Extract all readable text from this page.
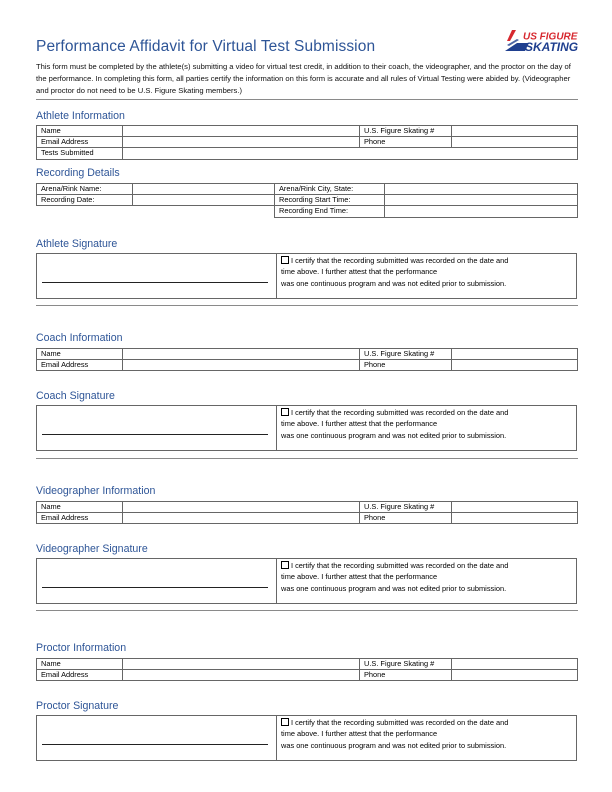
Performance Affidavit for Virtual Test Submission
US FIGURE
SKATING
This form must be completed by the athlete(s) submitting a video for virtual test credit, in addition to their coach, the videographer, and the proctor on the day of the performance. In completing this form, all parties certify the information on this form is accurate and all rules of Virtual Testing were abided by. (Videographer and proctor do not need to be U.S. Figure Skating members.)
Athlete Information
Name		U.S. Figure Skating #	
Email Address		Phone	
Tests Submitted			
Recording Details
Arena/Rink Name:		Arena/Rink City, State:	
Recording Date:		Recording Start Time:	
		Recording End Time:	
Athlete Signature
I certify that the recording submitted was recorded on the date and
time above. I further attest that the performance
was one continuous program and was not edited prior to submission.
Coach Information
Name		U.S. Figure Skating #	
Email Address		Phone	
Coach Signature
I certify that the recording submitted was recorded on the date and
time above. I further attest that the performance
was one continuous program and was not edited prior to submission.
Videographer Information
Name		U.S. Figure Skating #	
Email Address		Phone	
Videographer Signature
I certify that the recording submitted was recorded on the date and
time above. I further attest that the performance
was one continuous program and was not edited prior to submission.
Proctor Information
Name		U.S. Figure Skating #	
Email Address		Phone	
Proctor Signature
I certify that the recording submitted was recorded on the date and
time above. I further attest that the performance
was one continuous program and was not edited prior to submission.
